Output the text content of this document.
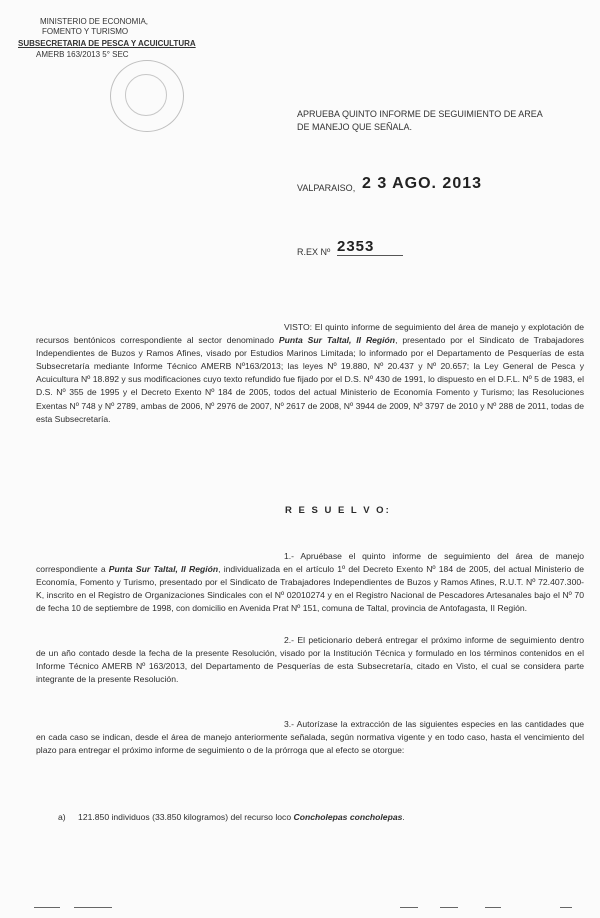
MINISTERIO DE ECONOMIA,
FOMENTO Y TURISMO
SUBSECRETARIA DE PESCA Y ACUICULTURA
AMERB 163/2013 5° SEC
APRUEBA QUINTO INFORME DE SEGUIMIENTO DE AREA
DE MANEJO QUE SEÑALA.
VALPARAISO, 2 3 AGO. 2013
R.EX Nº 2353
VISTO: El quinto informe de seguimiento del área de manejo y explotación de recursos bentónicos correspondiente al sector denominado Punta Sur Taltal, II Región, presentado por el Sindicato de Trabajadores Independientes de Buzos y Ramos Afines, visado por Estudios Marinos Limitada; lo informado por el Departamento de Pesquerías de esta Subsecretaría mediante Informe Técnico AMERB Nº163/2013; las leyes Nº 19.880, Nº 20.437 y Nº 20.657; la Ley General de Pesca y Acuicultura Nº 18.892 y sus modificaciones cuyo texto refundido fue fijado por el D.S. Nº 430 de 1991, lo dispuesto en el D.F.L. Nº 5 de 1983, el D.S. Nº 355 de 1995 y el Decreto Exento Nº 184 de 2005, todos del actual Ministerio de Economía Fomento y Turismo; las Resoluciones Exentas Nº 748 y Nº 2789, ambas de 2006, Nº 2976 de 2007, Nº 2617 de 2008, Nº 3944 de 2009, Nº 3797 de 2010 y Nº 288 de 2011, todas de esta Subsecretaría.
R E S U E L V O:
1.- Apruébase el quinto informe de seguimiento del área de manejo correspondiente a Punta Sur Taltal, II Región, individualizada en el artículo 1º del Decreto Exento Nº 184 de 2005, del actual Ministerio de Economía, Fomento y Turismo, presentado por el Sindicato de Trabajadores Independientes de Buzos y Ramos Afines, R.U.T. Nº 72.407.300-K, inscrito en el Registro de Organizaciones Sindicales con el Nº 02010274 y en el Registro Nacional de Pescadores Artesanales bajo el Nº 70 de fecha 10 de septiembre de 1998, con domicilio en Avenida Prat Nº 151, comuna de Taltal, provincia de Antofagasta, II Región.
2.- El peticionario deberá entregar el próximo informe de seguimiento dentro de un año contado desde la fecha de la presente Resolución, visado por la Institución Técnica y formulado en los términos contenidos en el Informe Técnico AMERB Nº 163/2013, del Departamento de Pesquerías de esta Subsecretaría, citado en Visto, el cual se considera parte integrante de la presente Resolución.
3.- Autorízase la extracción de las siguientes especies en las cantidades que en cada caso se indican, desde el área de manejo anteriormente señalada, según normativa vigente y en todo caso, hasta el vencimiento del plazo para entregar el próximo informe de seguimiento o de la prórroga que al efecto se otorgue:
a) 121.850 individuos (33.850 kilogramos) del recurso loco Concholepas concholepas.
